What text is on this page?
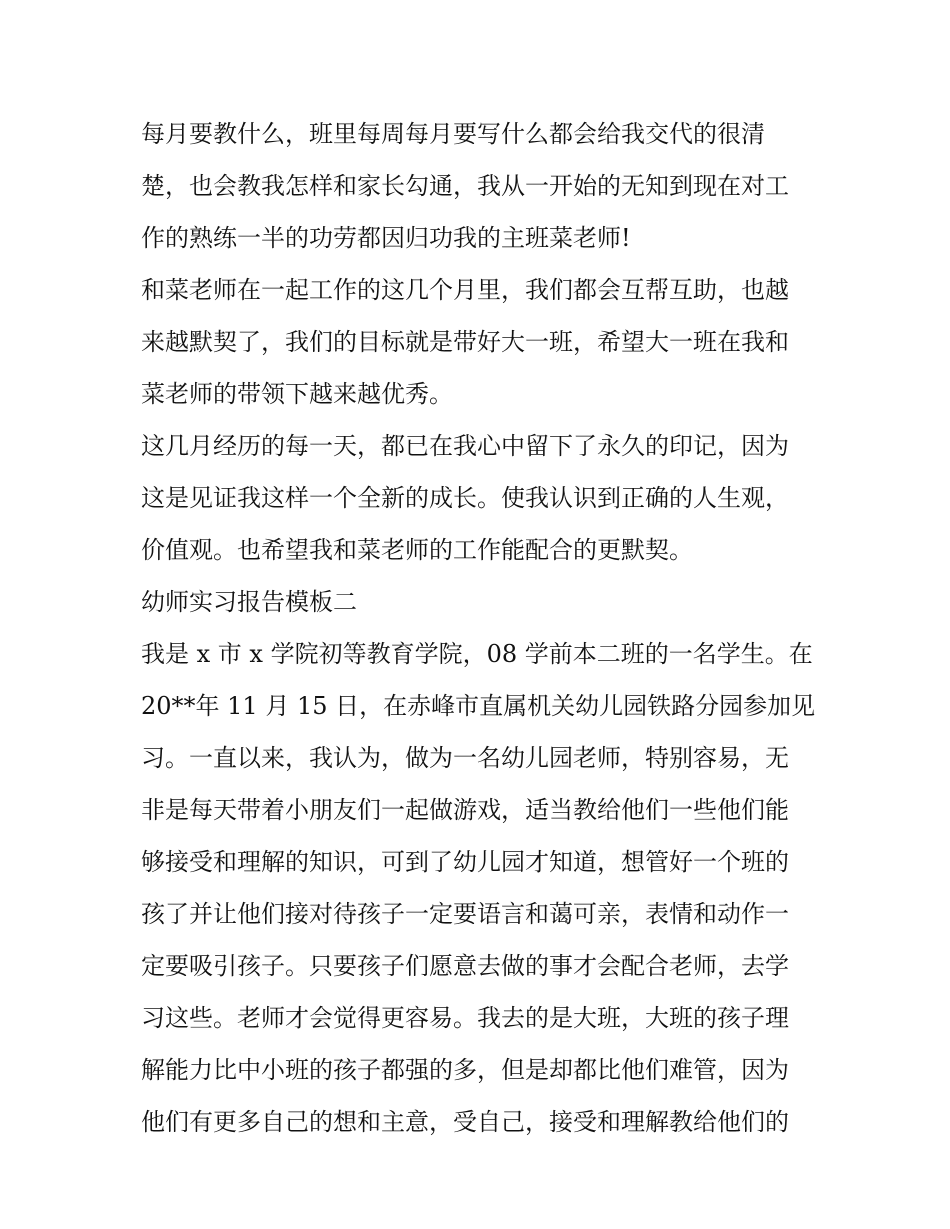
每月要教什么，班里每周每月要写什么都会给我交代的很清
楚，也会教我怎样和家长勾通，我从一开始的无知到现在对工
作的熟练一半的功劳都因归功我的主班菜老师!
和菜老师在一起工作的这几个月里，我们都会互帮互助，也越
来越默契了，我们的目标就是带好大一班，希望大一班在我和
菜老师的带领下越来越优秀。
这几月经历的每一天，都已在我心中留下了永久的印记，因为
这是见证我这样一个全新的成长。使我认识到正确的人生观，
价值观。也希望我和菜老师的工作能配合的更默契。
幼师实习报告模板二
我是 x 市 x 学院初等教育学院，08 学前本二班的一名学生。在
20**年 11 月 15 日，在赤峰市直属机关幼儿园铁路分园参加见
习。一直以来，我认为，做为一名幼儿园老师，特别容易，无
非是每天带着小朋友们一起做游戏，适当教给他们一些他们能
够接受和理解的知识，可到了幼儿园才知道，想管好一个班的
孩了并让他们接对待孩子一定要语言和蔼可亲，表情和动作一
定要吸引孩子。只要孩子们愿意去做的事才会配合老师，去学
习这些。老师才会觉得更容易。我去的是大班，大班的孩子理
解能力比中小班的孩子都强的多，但是却都比他们难管，因为
他们有更多自己的想和主意，受自己，接受和理解教给他们的
